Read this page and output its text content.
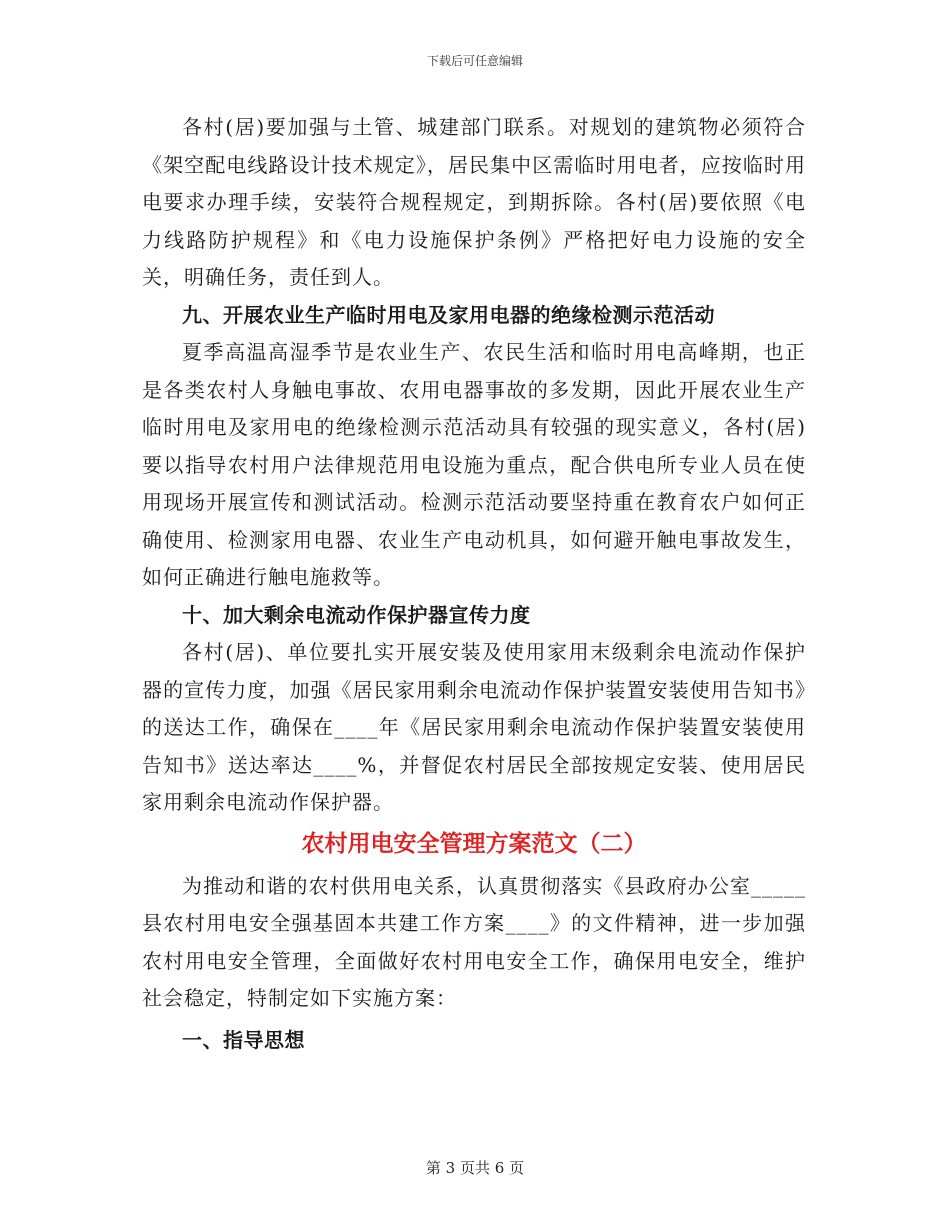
下载后可任意编辑

各村(居)要加强与土管、城建部门联系。对规划的建筑物必须符合《架空配电线路设计技术规定》，居民集中区需临时用电者，应按临时用电要求办理手续，安装符合规程规定，到期拆除。各村(居)要依照《电力线路防护规程》和《电力设施保护条例》严格把好电力设施的安全关，明确任务，责任到人。

九、开展农业生产临时用电及家用电器的绝缘检测示范活动

夏季高温高湿季节是农业生产、农民生活和临时用电高峰期，也正是各类农村人身触电事故、农用电器事故的多发期，因此开展农业生产临时用电及家用电的绝缘检测示范活动具有较强的现实意义，各村(居)要以指导农村用户法律规范用电设施为重点，配合供电所专业人员在使用现场开展宣传和测试活动。检测示范活动要坚持重在教育农户如何正确使用、检测家用电器、农业生产电动机具，如何避开触电事故发生，如何正确进行触电施救等。

十、加大剩余电流动作保护器宣传力度

各村(居)、单位要扎实开展安装及使用家用末级剩余电流动作保护器的宣传力度，加强《居民家用剩余电流动作保护装置安装使用告知书》的送达工作，确保在____年《居民家用剩余电流动作保护装置安装使用告知书》送达率达____%，并督促农村居民全部按规定安装、使用居民家用剩余电流动作保护器。

农村用电安全管理方案范文（二）

为推动和谐的农村供用电关系，认真贯彻落实《县政府办公室_____县农村用电安全强基固本共建工作方案____》的文件精神，进一步加强农村用电安全管理，全面做好农村用电安全工作，确保用电安全，维护社会稳定，特制定如下实施方案：

一、指导思想

第 3 页共 6 页
